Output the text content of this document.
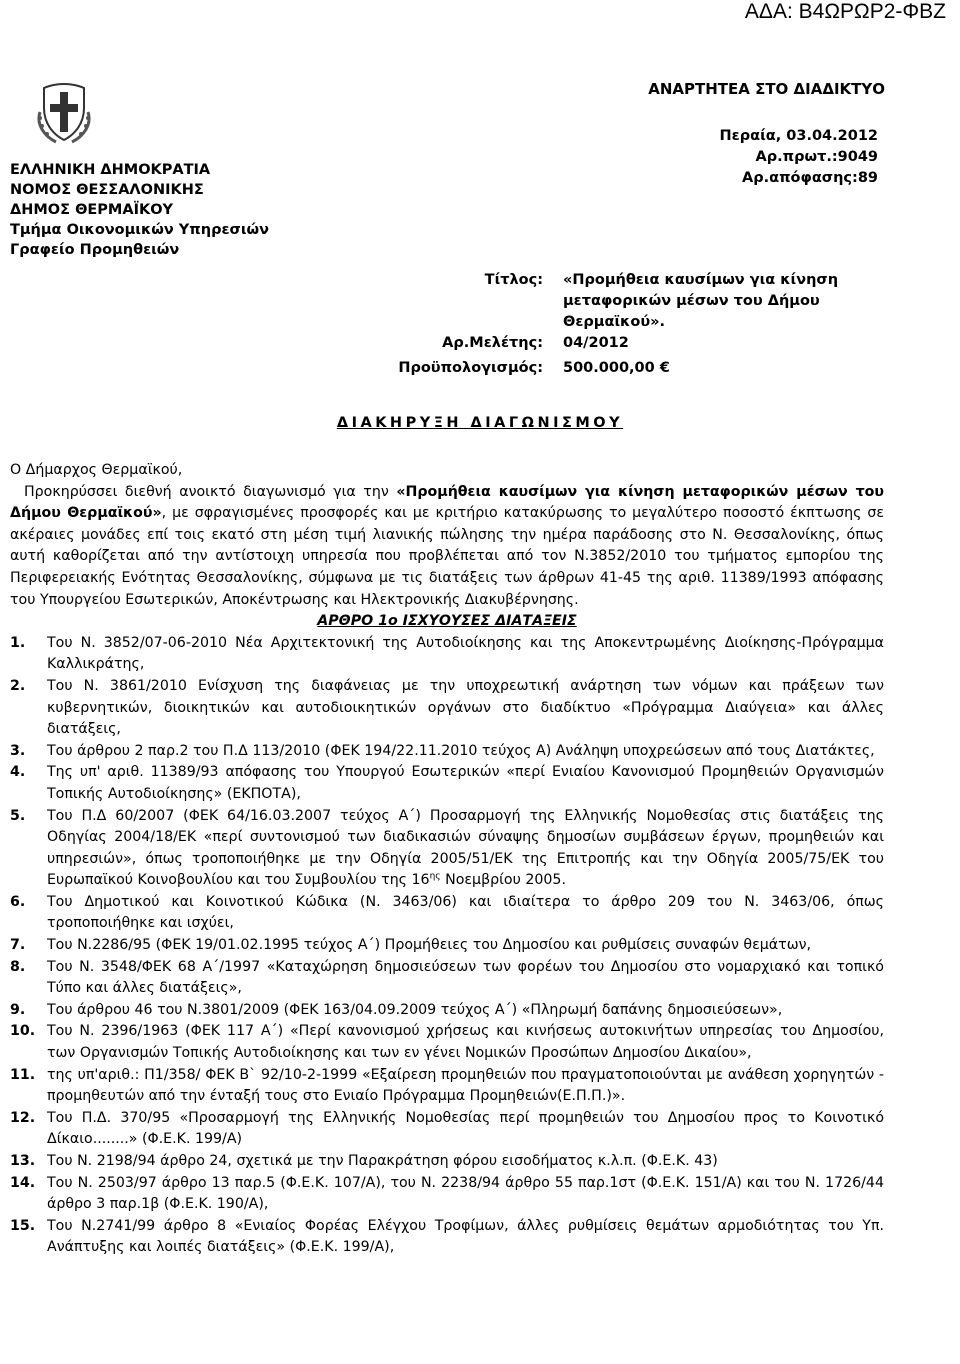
ΑΔΑ: Β4ΩΡΩΡ2-ΦΒΖ
ΑΝΑΡΤΗΤΕΑ ΣΤΟ ΔΙΑΔΙΚΤΥΟ
ΕΛΛΗΝΙΚΗ ΔΗΜΟΚΡΑΤΙΑ
ΝΟΜΟΣ ΘΕΣΣΑΛΟΝΙΚΗΣ
ΔΗΜΟΣ ΘΕΡΜΑΪΚΟΥ
Τμήμα Οικονομικών Υπηρεσιών
Γραφείο Προμηθειών
Περαία, 03.04.2012
Αρ.πρωτ.:9049
Αρ.απόφασης:89
Τίτλος: «Προμήθεια καυσίμων για κίνηση μεταφορικών μέσων του Δήμου Θερμαϊκού».
Αρ.Μελέτης: 04/2012
Προϋπολογισμός: 500.000,00 €
ΔΙΑΚΗΡΥΞΗ ΔΙΑΓΩΝΙΣΜΟΥ

Ο Δήμαρχος Θερμαϊκού,

Προκηρύσσει διεθνή ανοικτό διαγωνισμό για την «Προμήθεια καυσίμων για κίνηση μεταφορικών μέσων του Δήμου Θερμαϊκού», με σφραγισμένες προσφορές και με κριτήριο κατακύρωσης το μεγαλύτερο ποσοστό έκπτωσης σε ακέραιες μονάδες επί τοις εκατό στη μέση τιμή λιανικής πώλησης την ημέρα παράδοσης στο Ν. Θεσσαλονίκης, όπως αυτή καθορίζεται από την αντίστοιχη υπηρεσία που προβλέπεται από τον Ν.3852/2010 του τμήματος εμπορίου της Περιφερειακής Ενότητας Θεσσαλονίκης, σύμφωνα με τις διατάξεις των άρθρων 41-45 της αριθ. 11389/1993 απόφασης του Υπουργείου Εσωτερικών, Αποκέντρωσης και Ηλεκτρονικής Διακυβέρνησης.

ΑΡΘΡΟ 1ο ΙΣΧΥΟΥΣΕΣ ΔΙΑΤΑΞΕΙΣ

1. Του Ν. 3852/07-06-2010 Νέα Αρχιτεκτονική της Αυτοδιοίκησης και της Αποκεντρωμένης Διοίκησης-Πρόγραμμα Καλλικράτης,
2. Του Ν. 3861/2010 Ενίσχυση της διαφάνειας με την υποχρεωτική ανάρτηση των νόμων και πράξεων των κυβερνητικών, διοικητικών και αυτοδιοικητικών οργάνων στο διαδίκτυο «Πρόγραμμα Διαύγεια» και άλλες διατάξεις,
3. Του άρθρου 2 παρ.2 του Π.Δ 113/2010 (ΦΕΚ 194/22.11.2010 τεύχος Α) Ανάληψη υποχρεώσεων από τους Διατάκτες,
4. Της υπ' αριθ. 11389/93 απόφασης του Υπουργού Εσωτερικών «περί Ενιαίου Κανονισμού Προμηθειών Οργανισμών Τοπικής Αυτοδιοίκησης» (ΕΚΠΟΤΑ),
5. Του Π.Δ 60/2007 (ΦΕΚ 64/16.03.2007 τεύχος Α΄) Προσαρμογή της Ελληνικής Νομοθεσίας στις διατάξεις της Οδηγίας 2004/18/ΕΚ «περί συντονισμού των διαδικασιών σύναψης δημοσίων συμβάσεων έργων, προμηθειών και υπηρεσιών», όπως τροποποιήθηκε με την Οδηγία 2005/51/ΕΚ της Επιτροπής και την Οδηγία 2005/75/ΕΚ του Ευρωπαϊκού Κοινοβουλίου και του Συμβουλίου της $16^{\eta\varsigma}$ Νοεμβρίου 2005.
6. Του Δημοτικού και Κοινοτικού Κώδικα (Ν. 3463/06) και ιδιαίτερα το άρθρο 209 του Ν. 3463/06, όπως τροποποιήθηκε και ισχύει,
7. Του Ν.2286/95 (ΦΕΚ 19/01.02.1995 τεύχος Α΄) Προμήθειες του Δημοσίου και ρυθμίσεις συναφών θεμάτων,
8. Του Ν. 3548/ΦΕΚ 68 Α΄/1997 «Καταχώρηση δημοσιεύσεων των φορέων του Δημοσίου στο νομαρχιακό και τοπικό Τύπο και άλλες διατάξεις»,
9. Του άρθρου 46 του Ν.3801/2009 (ΦΕΚ 163/04.09.2009 τεύχος Α΄) «Πληρωμή δαπάνης δημοσιεύσεων»,
10. Του Ν. 2396/1963 (ΦΕΚ 117 Α΄) «Περί κανονισμού χρήσεως και κινήσεως αυτοκινήτων υπηρεσίας του Δημοσίου, των Οργανισμών Τοπικής Αυτοδιοίκησης και των εν γένει Νομικών Προσώπων Δημοσίου Δικαίου»,
11. της υπ'αριθ.: Π1/358/ ΦΕΚ Β` 92/10-2-1999 «Εξαίρεση προμηθειών που πραγματοποιούνται με ανάθεση χορηγητών - προμηθευτών από την ένταξή τους στο Ενιαίο Πρόγραμμα Προμηθειών(Ε.Π.Π.)».
12. Του Π.Δ. 370/95 «Προσαρμογή της Ελληνικής Νομοθεσίας περί προμηθειών του Δημοσίου προς το Κοινοτικό Δίκαιο........» (Φ.Ε.Κ. 199/Α)
13. Του Ν. 2198/94 άρθρο 24, σχετικά με την Παρακράτηση φόρου εισοδήματος κ.λ.π. (Φ.Ε.Κ. 43)
14. Του Ν. 2503/97 άρθρο 13 παρ.5 (Φ.Ε.Κ. 107/Α), του Ν. 2238/94 άρθρο 55 παρ.1στ (Φ.Ε.Κ. 151/Α) και του Ν. 1726/44 άρθρο 3 παρ.1β (Φ.Ε.Κ. 190/Α),
15. Του Ν.2741/99 άρθρο 8 «Ενιαίος Φορέας Ελέγχου Τροφίμων, άλλες ρυθμίσεις θεμάτων αρμοδιότητας του Υπ. Ανάπτυξης και λοιπές διατάξεις» (Φ.Ε.Κ. 199/Α),
